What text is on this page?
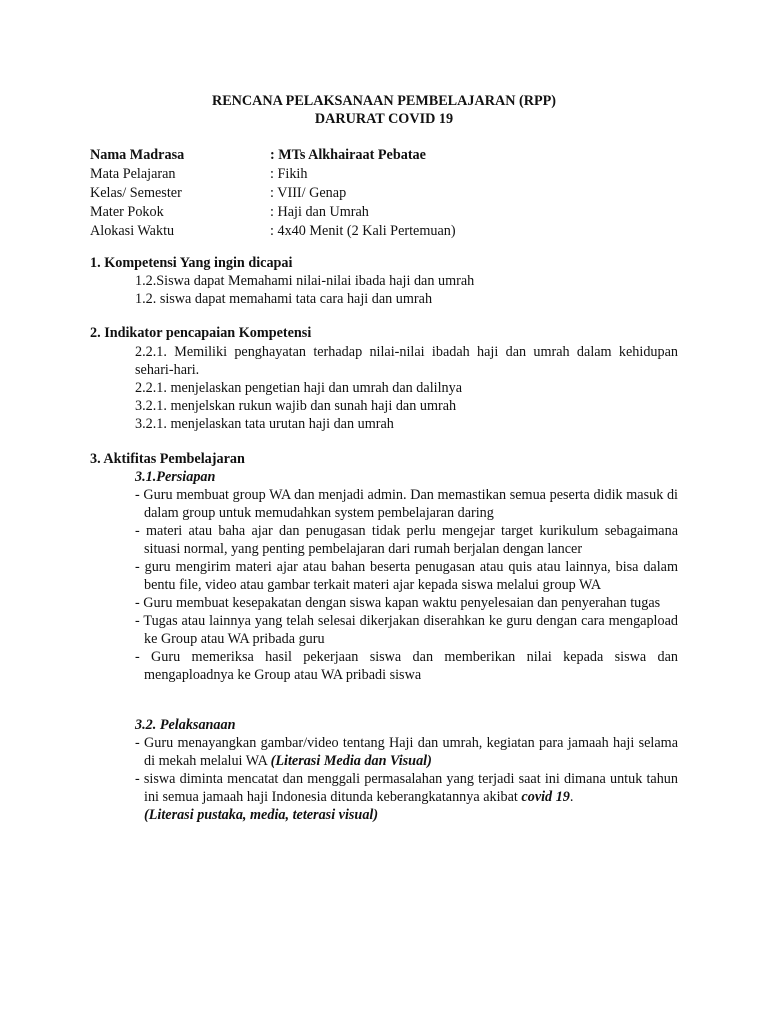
RENCANA PELAKSANAAN PEMBELAJARAN (RPP)
DARURAT COVID 19
Nama Madrasa	: MTs Alkhairaat Pebatae
Mata Pelajaran	: Fikih
Kelas/ Semester	: VIII/ Genap
Mater Pokok	: Haji dan Umrah
Alokasi Waktu	: 4x40 Menit (2 Kali Pertemuan)
1. Kompetensi Yang ingin dicapai
1.2.Siswa dapat Memahami nilai-nilai ibada haji dan umrah
1.2. siswa dapat memahami tata cara haji dan umrah
2. Indikator pencapaian Kompetensi
2.2.1. Memiliki penghayatan terhadap nilai-nilai ibadah haji dan umrah dalam kehidupan sehari-hari.
2.2.1. menjelaskan pengetian haji dan umrah dan dalilnya
3.2.1. menjelskan rukun wajib dan sunah haji dan umrah
3.2.1. menjelaskan tata urutan haji dan umrah
3. Aktifitas Pembelajaran
3.1.Persiapan
- Guru membuat group WA dan menjadi admin. Dan memastikan semua peserta didik masuk di dalam group untuk memudahkan system pembelajaran daring
- materi atau baha ajar dan penugasan tidak perlu mengejar target kurikulum sebagaimana situasi normal, yang penting pembelajaran dari rumah berjalan dengan lancer
- guru mengirim materi ajar atau bahan beserta penugasan atau quis atau lainnya, bisa dalam bentu file, video atau gambar terkait materi ajar kepada siswa melalui group WA
- Guru membuat kesepakatan dengan siswa kapan waktu penyelesaian dan penyerahan tugas
- Tugas atau lainnya yang telah selesai dikerjakan diserahkan ke guru dengan cara mengapload ke Group atau WA pribada guru
- Guru memeriksa hasil pekerjaan siswa dan memberikan nilai kepada siswa dan mengaploadnya ke Group atau WA pribadi siswa
3.2. Pelaksanaan
- Guru menayangkan gambar/video tentang Haji dan umrah, kegiatan para jamaah haji selama di mekah melalui WA (Literasi Media dan Visual)
- siswa diminta mencatat dan menggali permasalahan yang terjadi saat ini dimana untuk tahun ini semua jamaah haji Indonesia ditunda keberangkatannya akibat covid 19.
(Literasi pustaka, media, teterasi visual)
